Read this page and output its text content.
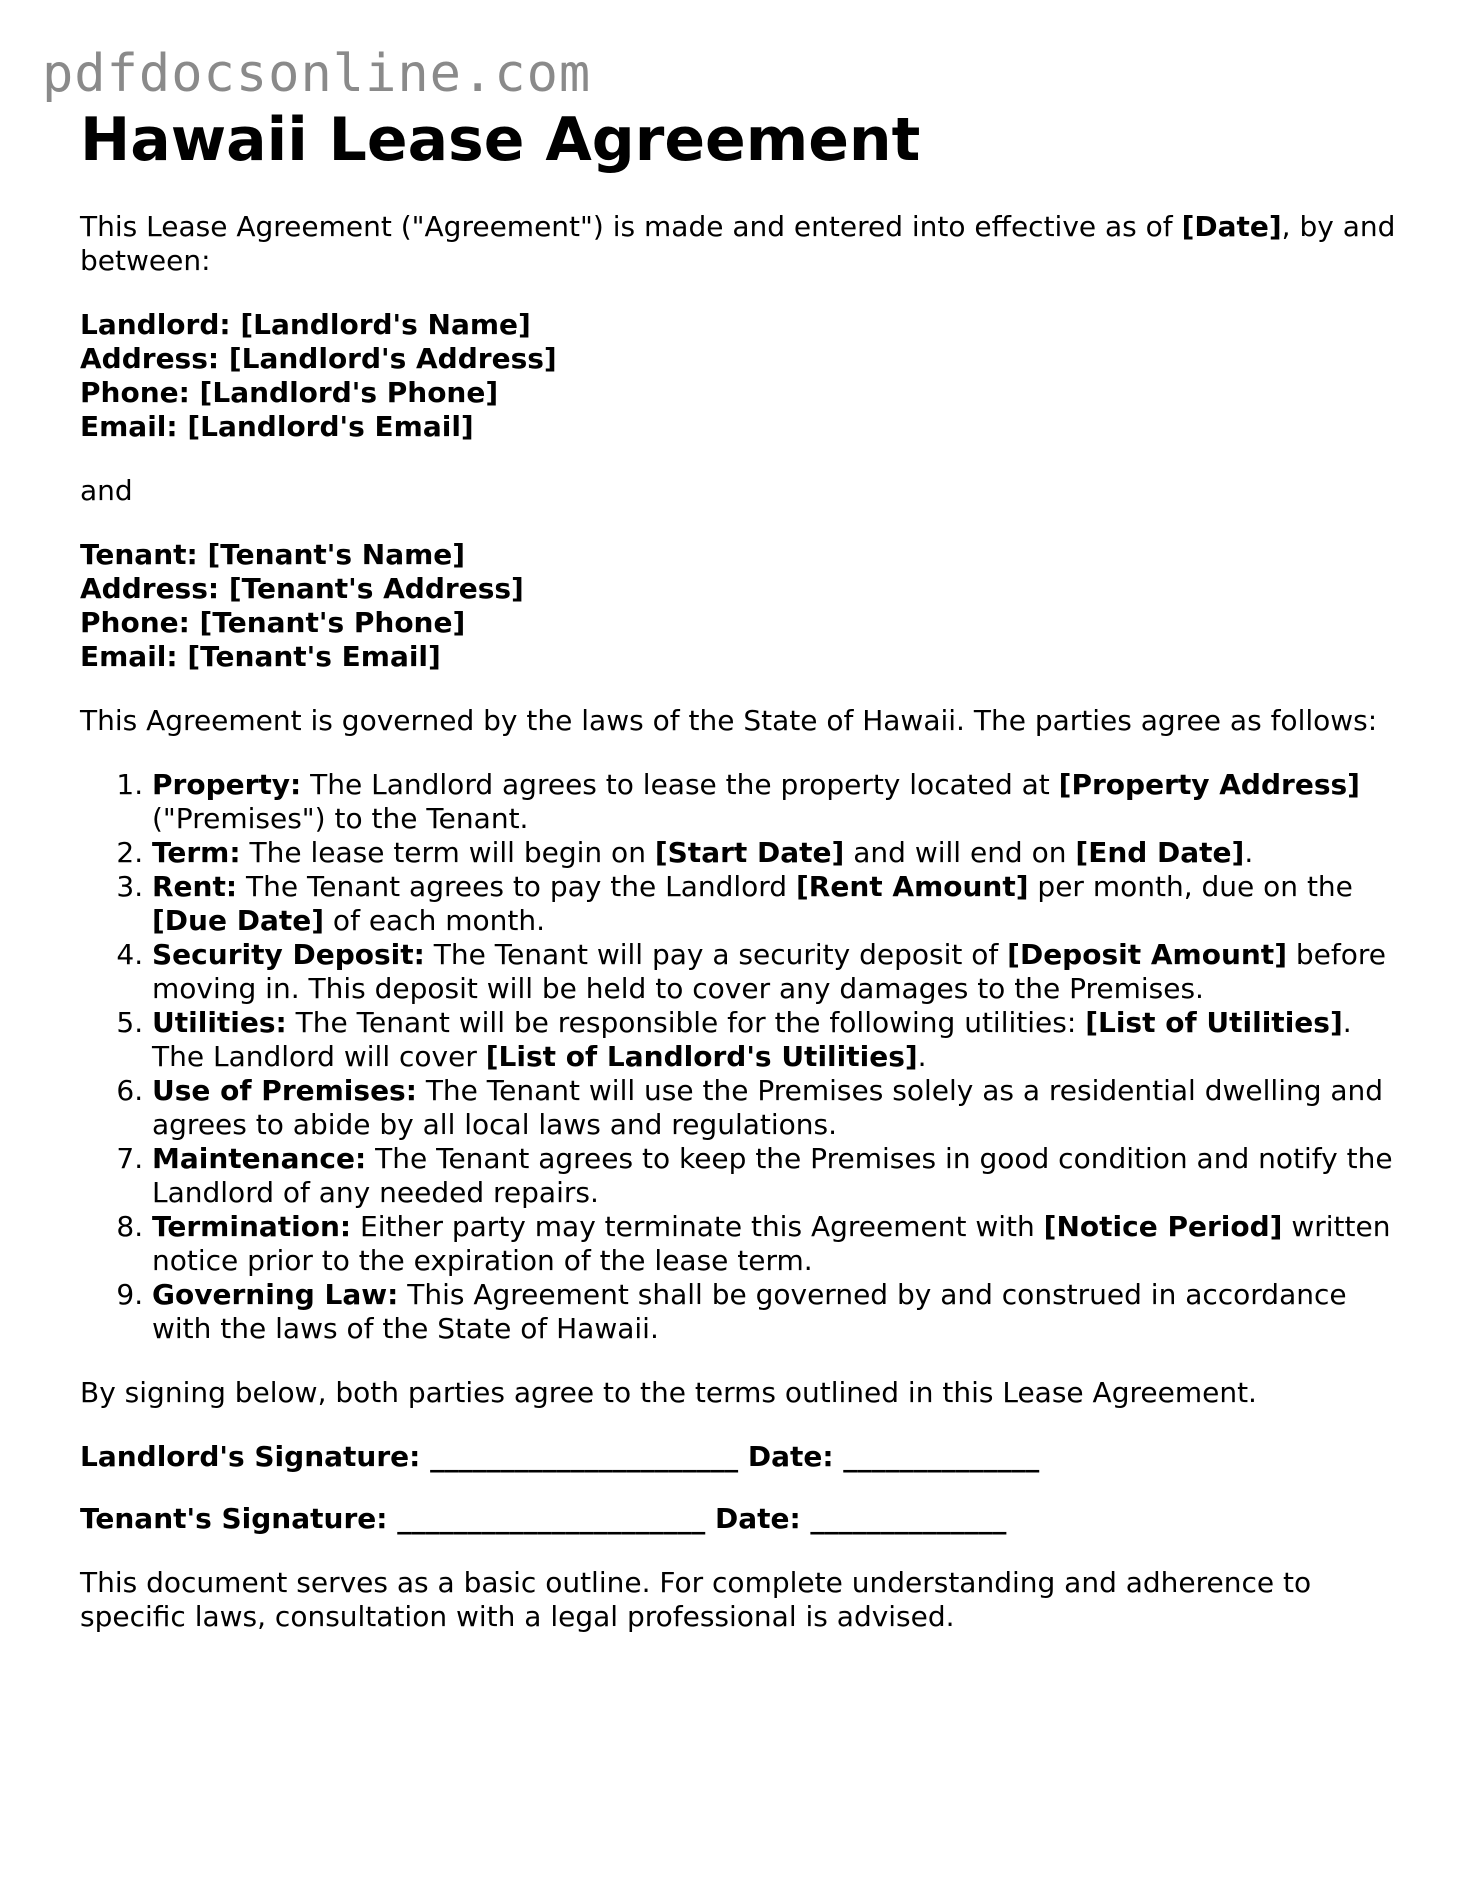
pdfdocsonline.com
Hawaii Lease Agreement

This Lease Agreement ("Agreement") is made and entered into effective as of [Date], by and between:

Landlord: [Landlord's Name]
Address: [Landlord's Address]
Phone: [Landlord's Phone]
Email: [Landlord's Email]

and

Tenant: [Tenant's Name]
Address: [Tenant's Address]
Phone: [Tenant's Phone]
Email: [Tenant's Email]

This Agreement is governed by the laws of the State of Hawaii. The parties agree as follows:

1. Property: The Landlord agrees to lease the property located at [Property Address] ("Premises") to the Tenant.
2. Term: The lease term will begin on [Start Date] and will end on [End Date].
3. Rent: The Tenant agrees to pay the Landlord [Rent Amount] per month, due on the [Due Date] of each month.
4. Security Deposit: The Tenant will pay a security deposit of [Deposit Amount] before moving in. This deposit will be held to cover any damages to the Premises.
5. Utilities: The Tenant will be responsible for the following utilities: [List of Utilities]. The Landlord will cover [List of Landlord's Utilities].
6. Use of Premises: The Tenant will use the Premises solely as a residential dwelling and agrees to abide by all local laws and regulations.
7. Maintenance: The Tenant agrees to keep the Premises in good condition and notify the Landlord of any needed repairs.
8. Termination: Either party may terminate this Agreement with [Notice Period] written notice prior to the expiration of the lease term.
9. Governing Law: This Agreement shall be governed by and construed in accordance with the laws of the State of Hawaii.

By signing below, both parties agree to the terms outlined in this Lease Agreement.

Landlord's Signature: ______________________ Date: ______________

Tenant's Signature: ______________________ Date: ______________

This document serves as a basic outline. For complete understanding and adherence to specific laws, consultation with a legal professional is advised.
